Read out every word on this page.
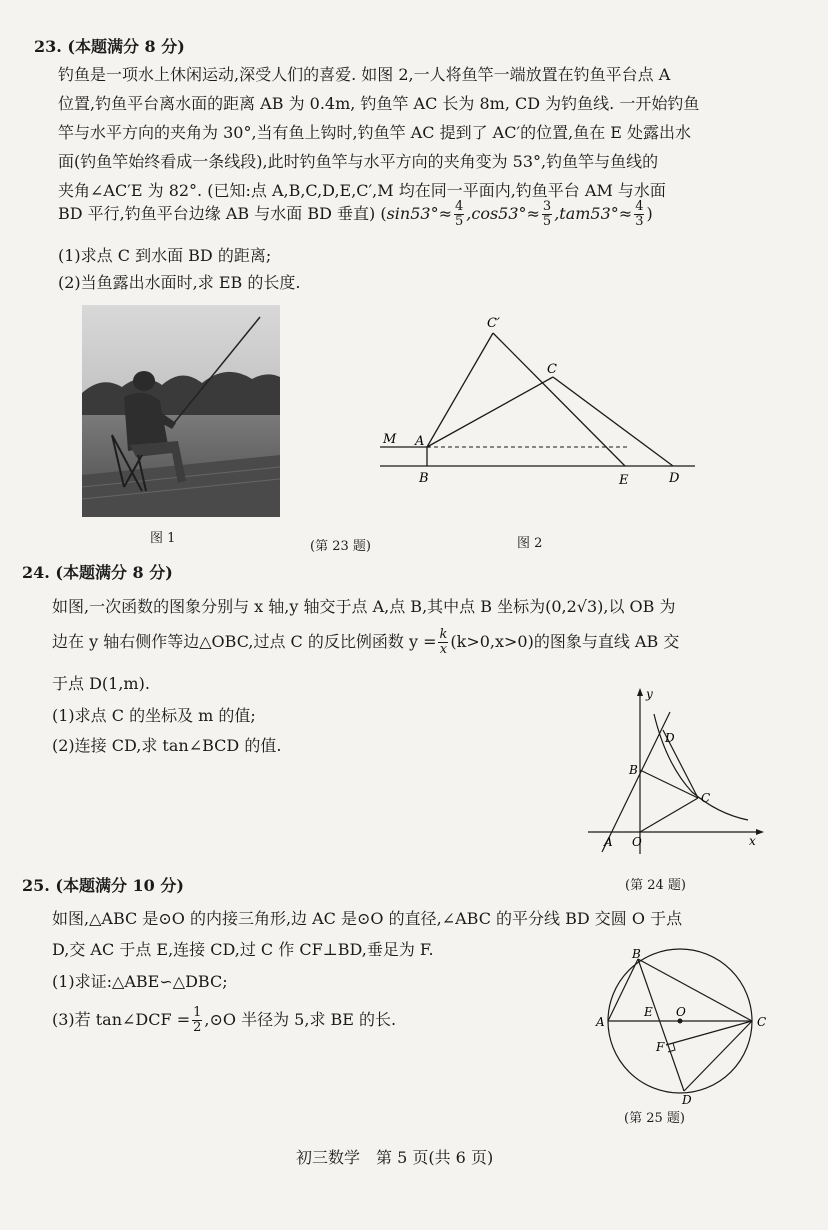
23. (本题满分 8 分)
钓鱼是一项水上休闲运动,深受人们的喜爱. 如图 2,一人将鱼竿一端放置在钓鱼平台点 A
位置,钓鱼平台离水面的距离 AB 为 0.4m, 钓鱼竿 AC 长为 8m, CD 为钓鱼线. 一开始钓鱼
竿与水平方向的夹角为 30°,当有鱼上钩时,钓鱼竿 AC 提到了 AC′的位置,鱼在 E 处露出水
面(钓鱼竿始终看成一条线段),此时钓鱼竿与水平方向的夹角变为 53°,钓鱼竿与鱼线的
夹角∠AC′E 为 82°. (已知:点 A,B,C,D,E,C′,M 均在同一平面内,钓鱼平台 AM 与水面
BD 平行,钓鱼平台边缘 AB 与水面 BD 垂直) ($\sin 53^\circ\approx \frac{4}{5} ,\cos 53^\circ\approx \frac{3}{5} ,tam53^\circ\approx \frac{4}{3}$ )
(1)求点 C 到水面 BD 的距离;
(2)当鱼露出水面时,求 EB 的长度.
C′
C
M A
B	E	D
图 1
(第 23 题)	图 2
24. (本题满分 8 分)
如图,一次函数的图象分别与 x 轴,y 轴交于点 A,点 B,其中点 B 坐标为(0,2√3),以 OB 为
边在 y 轴右侧作等边△OBC,过点 C 的反比例函数 $y = \frac{k}{x} (k>0,x>0)$的图象与直线 AB 交
于点 D(1,m).
(1)求点 C 的坐标及 m 的值;
(2)连接 CD,求 tan∠BCD 的值.
y
x
D
B
C
A O
(第 24 题)
25. (本题满分 10 分)
如图,△ABC 是⊙O 的内接三角形,边 AC 是⊙O 的直径,∠ABC 的平分线 BD 交圆 O 于点
D,交 AC 于点 E,连接 CD,过 C 作 CF⊥BD,垂足为 F.
(1)求证:△ABE∽△DBC;
(3)若 tan∠DCF = $\frac{1}{2}$ ,⊙O 半径为 5,求 BE 的长.
B
A
E O
C
F
D
(第 25 题)
初三数学　第 5 页(共 6 页)
